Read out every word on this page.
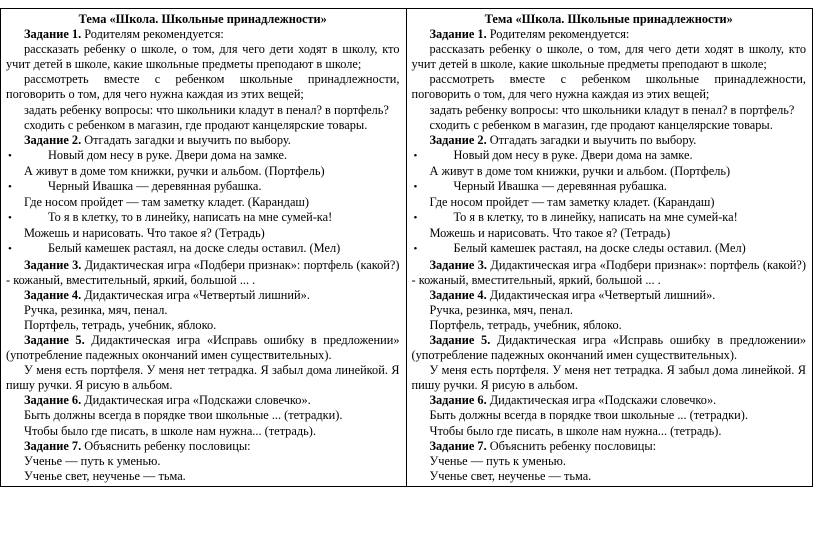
Тема «Школа. Школьные принадлежности»
Задание 1. Родителям рекомендуется:
рассказать ребенку о школе, о том, для чего дети ходят в школу, кто учит детей в школе, какие школьные предметы преподают в школе;
рассмотреть вместе с ребенком школьные принадлежности, поговорить о том, для чего нужна каждая из этих вещей;
задать ребенку вопросы: что школьники кладут в пенал? в портфель?
сходить с ребенком в магазин, где продают канцелярские товары.
Задание 2. Отгадать загадки и выучить по выбору.
•	Новый дом несу в руке. Двери дома на замке.
А живут в доме том книжки, ручки и альбом. (Портфель)
•	Черный Ивашка — деревянная рубашка.
Где носом пройдет — там заметку кладет. (Карандаш)
•	То я в клетку, то в линейку, написать на мне сумей-ка!
Можешь и нарисовать. Что такое я? (Тетрадь)
•	Белый камешек растаял, на доске следы оставил. (Мел)
Задание 3. Дидактическая игра «Подбери признак»: портфель (какой?) - кожаный, вместительный, яркий, большой ... .
Задание 4. Дидактическая игра «Четвертый лишний».
Ручка, резинка, мяч, пенал.
Портфель, тетрадь, учебник, яблоко.
Задание 5. Дидактическая игра «Исправь ошибку в предложении» (употребление падежных окончаний имен существительных).
У меня есть портфеля. У меня нет тетрадка. Я забыл дома линейкой. Я пишу ручки. Я рисую в альбом.
Задание 6. Дидактическая игра «Подскажи словечко».
Быть должны всегда в порядке твои школьные ... (тетрадки).
Чтобы было где писать, в школе нам нужна... (тетрадь).
Задание 7. Объяснить ребенку пословицы:
Ученье — путь к уменью.
Ученье свет, неученье — тьма.
Тема «Школа. Школьные принадлежности»
Задание 1. Родителям рекомендуется:
рассказать ребенку о школе, о том, для чего дети ходят в школу, кто учит детей в школе, какие школьные предметы преподают в школе;
рассмотреть вместе с ребенком школьные принадлежности, поговорить о том, для чего нужна каждая из этих вещей;
задать ребенку вопросы: что школьники кладут в пенал? в портфель?
сходить с ребенком в магазин, где продают канцелярские товары.
Задание 2. Отгадать загадки и выучить по выбору.
•	Новый дом несу в руке. Двери дома на замке.
А живут в доме том книжки, ручки и альбом. (Портфель)
•	Черный Ивашка — деревянная рубашка.
Где носом пройдет — там заметку кладет. (Карандаш)
•	То я в клетку, то в линейку, написать на мне сумей-ка!
Можешь и нарисовать. Что такое я? (Тетрадь)
•	Белый камешек растаял, на доске следы оставил. (Мел)
Задание 3. Дидактическая игра «Подбери признак»: портфель (какой?) - кожаный, вместительный, яркий, большой ... .
Задание 4. Дидактическая игра «Четвертый лишний».
Ручка, резинка, мяч, пенал.
Портфель, тетрадь, учебник, яблоко.
Задание 5. Дидактическая игра «Исправь ошибку в предложении» (употребление падежных окончаний имен существительных).
У меня есть портфеля. У меня нет тетрадка. Я забыл дома линейкой. Я пишу ручки. Я рисую в альбом.
Задание 6. Дидактическая игра «Подскажи словечко».
Быть должны всегда в порядке твои школьные ... (тетрадки).
Чтобы было где писать, в школе нам нужна... (тетрадь).
Задание 7. Объяснить ребенку пословицы:
Ученье — путь к уменью.
Ученье свет, неученье — тьма.
